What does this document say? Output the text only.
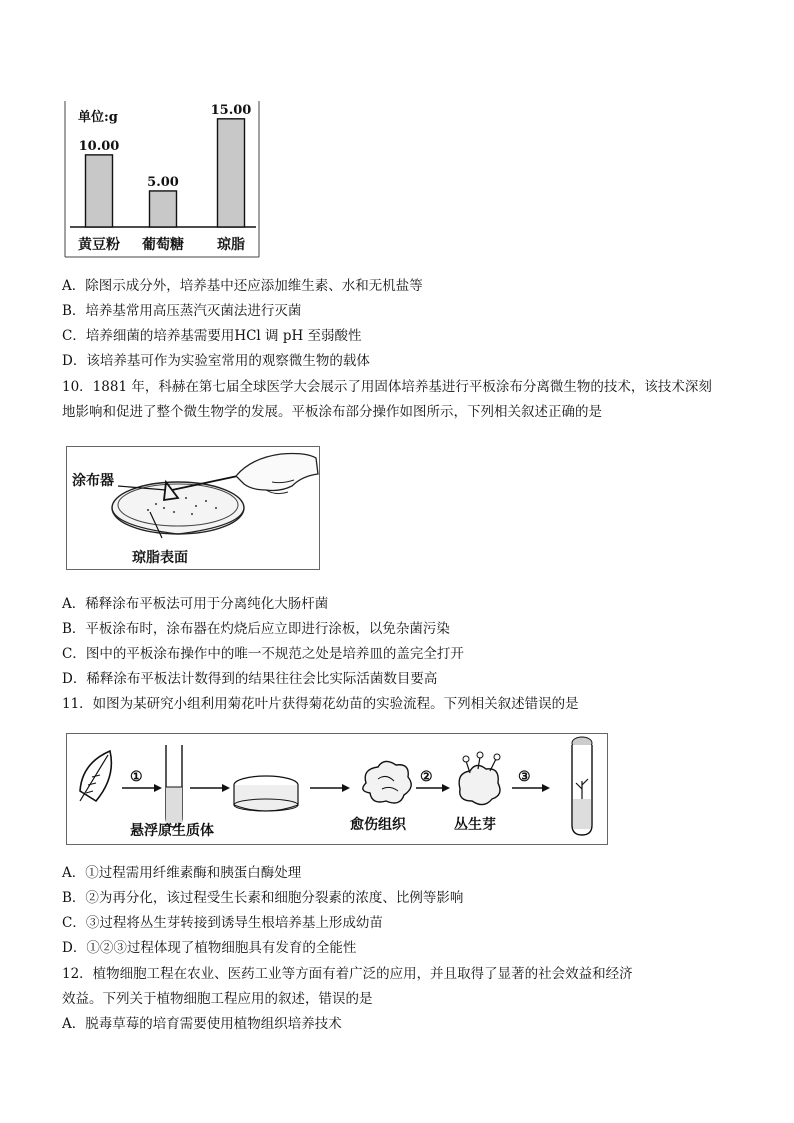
单位:g
10.00
黄豆粉
5.00
葡萄糖
15.00
琼脂
A．除图示成分外，培养基中还应添加维生素、水和无机盐等
B．培养基常用高压蒸汽灭菌法进行灭菌
C．培养细菌的培养基需要用HCl 调 pH 至弱酸性
D．该培养基可作为实验室常用的观察微生物的载体
10．1881 年，科赫在第七届全球医学大会展示了用固体培养基进行平板涂布分离微生物的技术，该技术深刻
地影响和促进了整个微生物学的发展。平板涂布部分操作如图所示，下列相关叙述正确的是
涂布器
琼脂表面
A．稀释涂布平板法可用于分离纯化大肠杆菌
B．平板涂布时，涂布器在灼烧后应立即进行涂板，以免杂菌污染
C．图中的平板涂布操作中的唯一不规范之处是培养皿的盖完全打开
D．稀释涂布平板法计数得到的结果往往会比实际活菌数目要高
11．如图为某研究小组利用菊花叶片获得菊花幼苗的实验流程。下列相关叙述错误的是
①	②	③
悬浮原生质体	愈伤组织	丛生芽
A．①过程需用纤维素酶和胰蛋白酶处理
B．②为再分化，该过程受生长素和细胞分裂素的浓度、比例等影响
C．③过程将丛生芽转接到诱导生根培养基上形成幼苗
D．①②③过程体现了植物细胞具有发育的全能性
12．植物细胞工程在农业、医药工业等方面有着广泛的应用，并且取得了显著的社会效益和经济
效益。下列关于植物细胞工程应用的叙述，错误的是
A．脱毒草莓的培育需要使用植物组织培养技术
